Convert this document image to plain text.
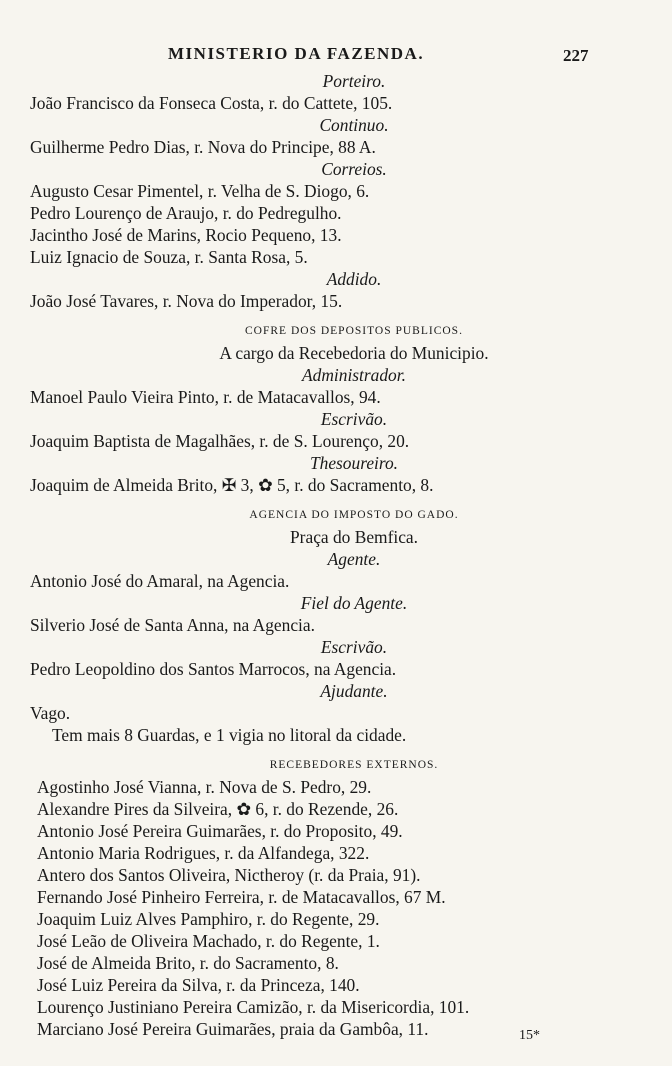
MINISTERIO DA FAZENDA.	227
Porteiro.
João Francisco da Fonseca Costa, r. do Cattete, 105.
Continuo.
Guilherme Pedro Dias, r. Nova do Principe, 88 A.
Correios.
Augusto Cesar Pimentel, r. Velha de S. Diogo, 6.
Pedro Lourenço de Araujo, r. do Pedregulho.
Jacintho José de Marins, Rocio Pequeno, 13.
Luiz Ignacio de Souza, r. Santa Rosa, 5.
Addido.
João José Tavares, r. Nova do Imperador, 15.
COFRE DOS DEPOSITOS PUBLICOS.
A cargo da Recebedoria do Municipio.
Administrador.
Manoel Paulo Vieira Pinto, r. de Matacavallos, 94.
Escrivão.
Joaquim Baptista de Magalhães, r. de S. Lourenço, 20.
Thesoureiro.
Joaquim de Almeida Brito, ✠ 3, ✿ 5, r. do Sacramento, 8.
AGENCIA DO IMPOSTO DO GADO.
Praça do Bemfica.
Agente.
Antonio José do Amaral, na Agencia.
Fiel do Agente.
Silverio José de Santa Anna, na Agencia.
Escrivão.
Pedro Leopoldino dos Santos Marrocos, na Agencia.
Ajudante.
Vago.
Tem mais 8 Guardas, e 1 vigia no litoral da cidade.
RECEBEDORES EXTERNOS.
Agostinho José Vianna, r. Nova de S. Pedro, 29.
Alexandre Pires da Silveira, ✿ 6, r. do Rezende, 26.
Antonio José Pereira Guimarães, r. do Proposito, 49.
Antonio Maria Rodrigues, r. da Alfandega, 322.
Antero dos Santos Oliveira, Nictheroy (r. da Praia, 91).
Fernando José Pinheiro Ferreira, r. de Matacavallos, 67 M.
Joaquim Luiz Alves Pamphiro, r. do Regente, 29.
José Leão de Oliveira Machado, r. do Regente, 1.
José de Almeida Brito, r. do Sacramento, 8.
José Luiz Pereira da Silva, r. da Princeza, 140.
Lourenço Justiniano Pereira Camizão, r. da Misericordia, 101.
Marciano José Pereira Guimarães, praia da Gambôa, 11.	15*
